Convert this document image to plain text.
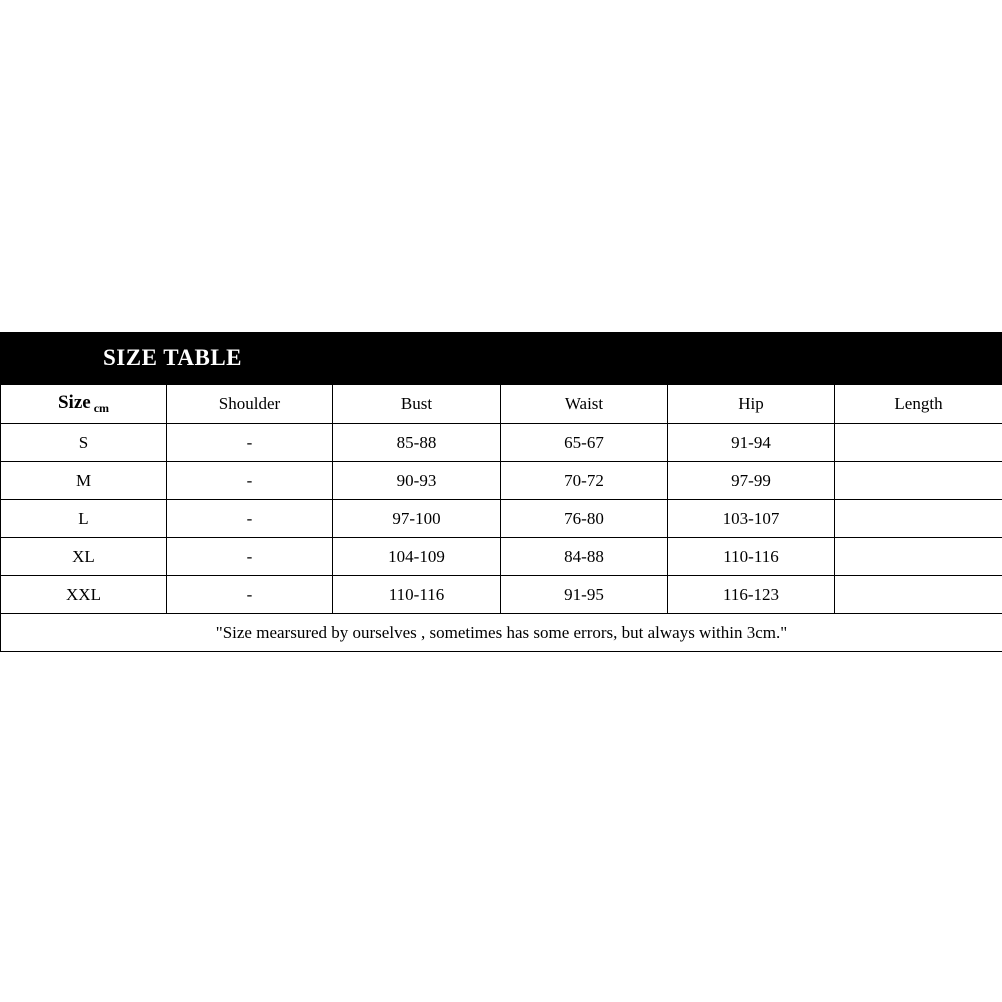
SIZE TABLE
Size $_{cm}$	Shoulder	Bust	Waist	Hip	Length
S	-	85-88	65-67	91-94	
M	-	90-93	70-72	97-99	
L	-	97-100	76-80	103-107	
XL	-	104-109	84-88	110-116	
XXL	-	110-116	91-95	116-123	
"Size mearsured by ourselves , sometimes has some errors, but always within 3cm."					
